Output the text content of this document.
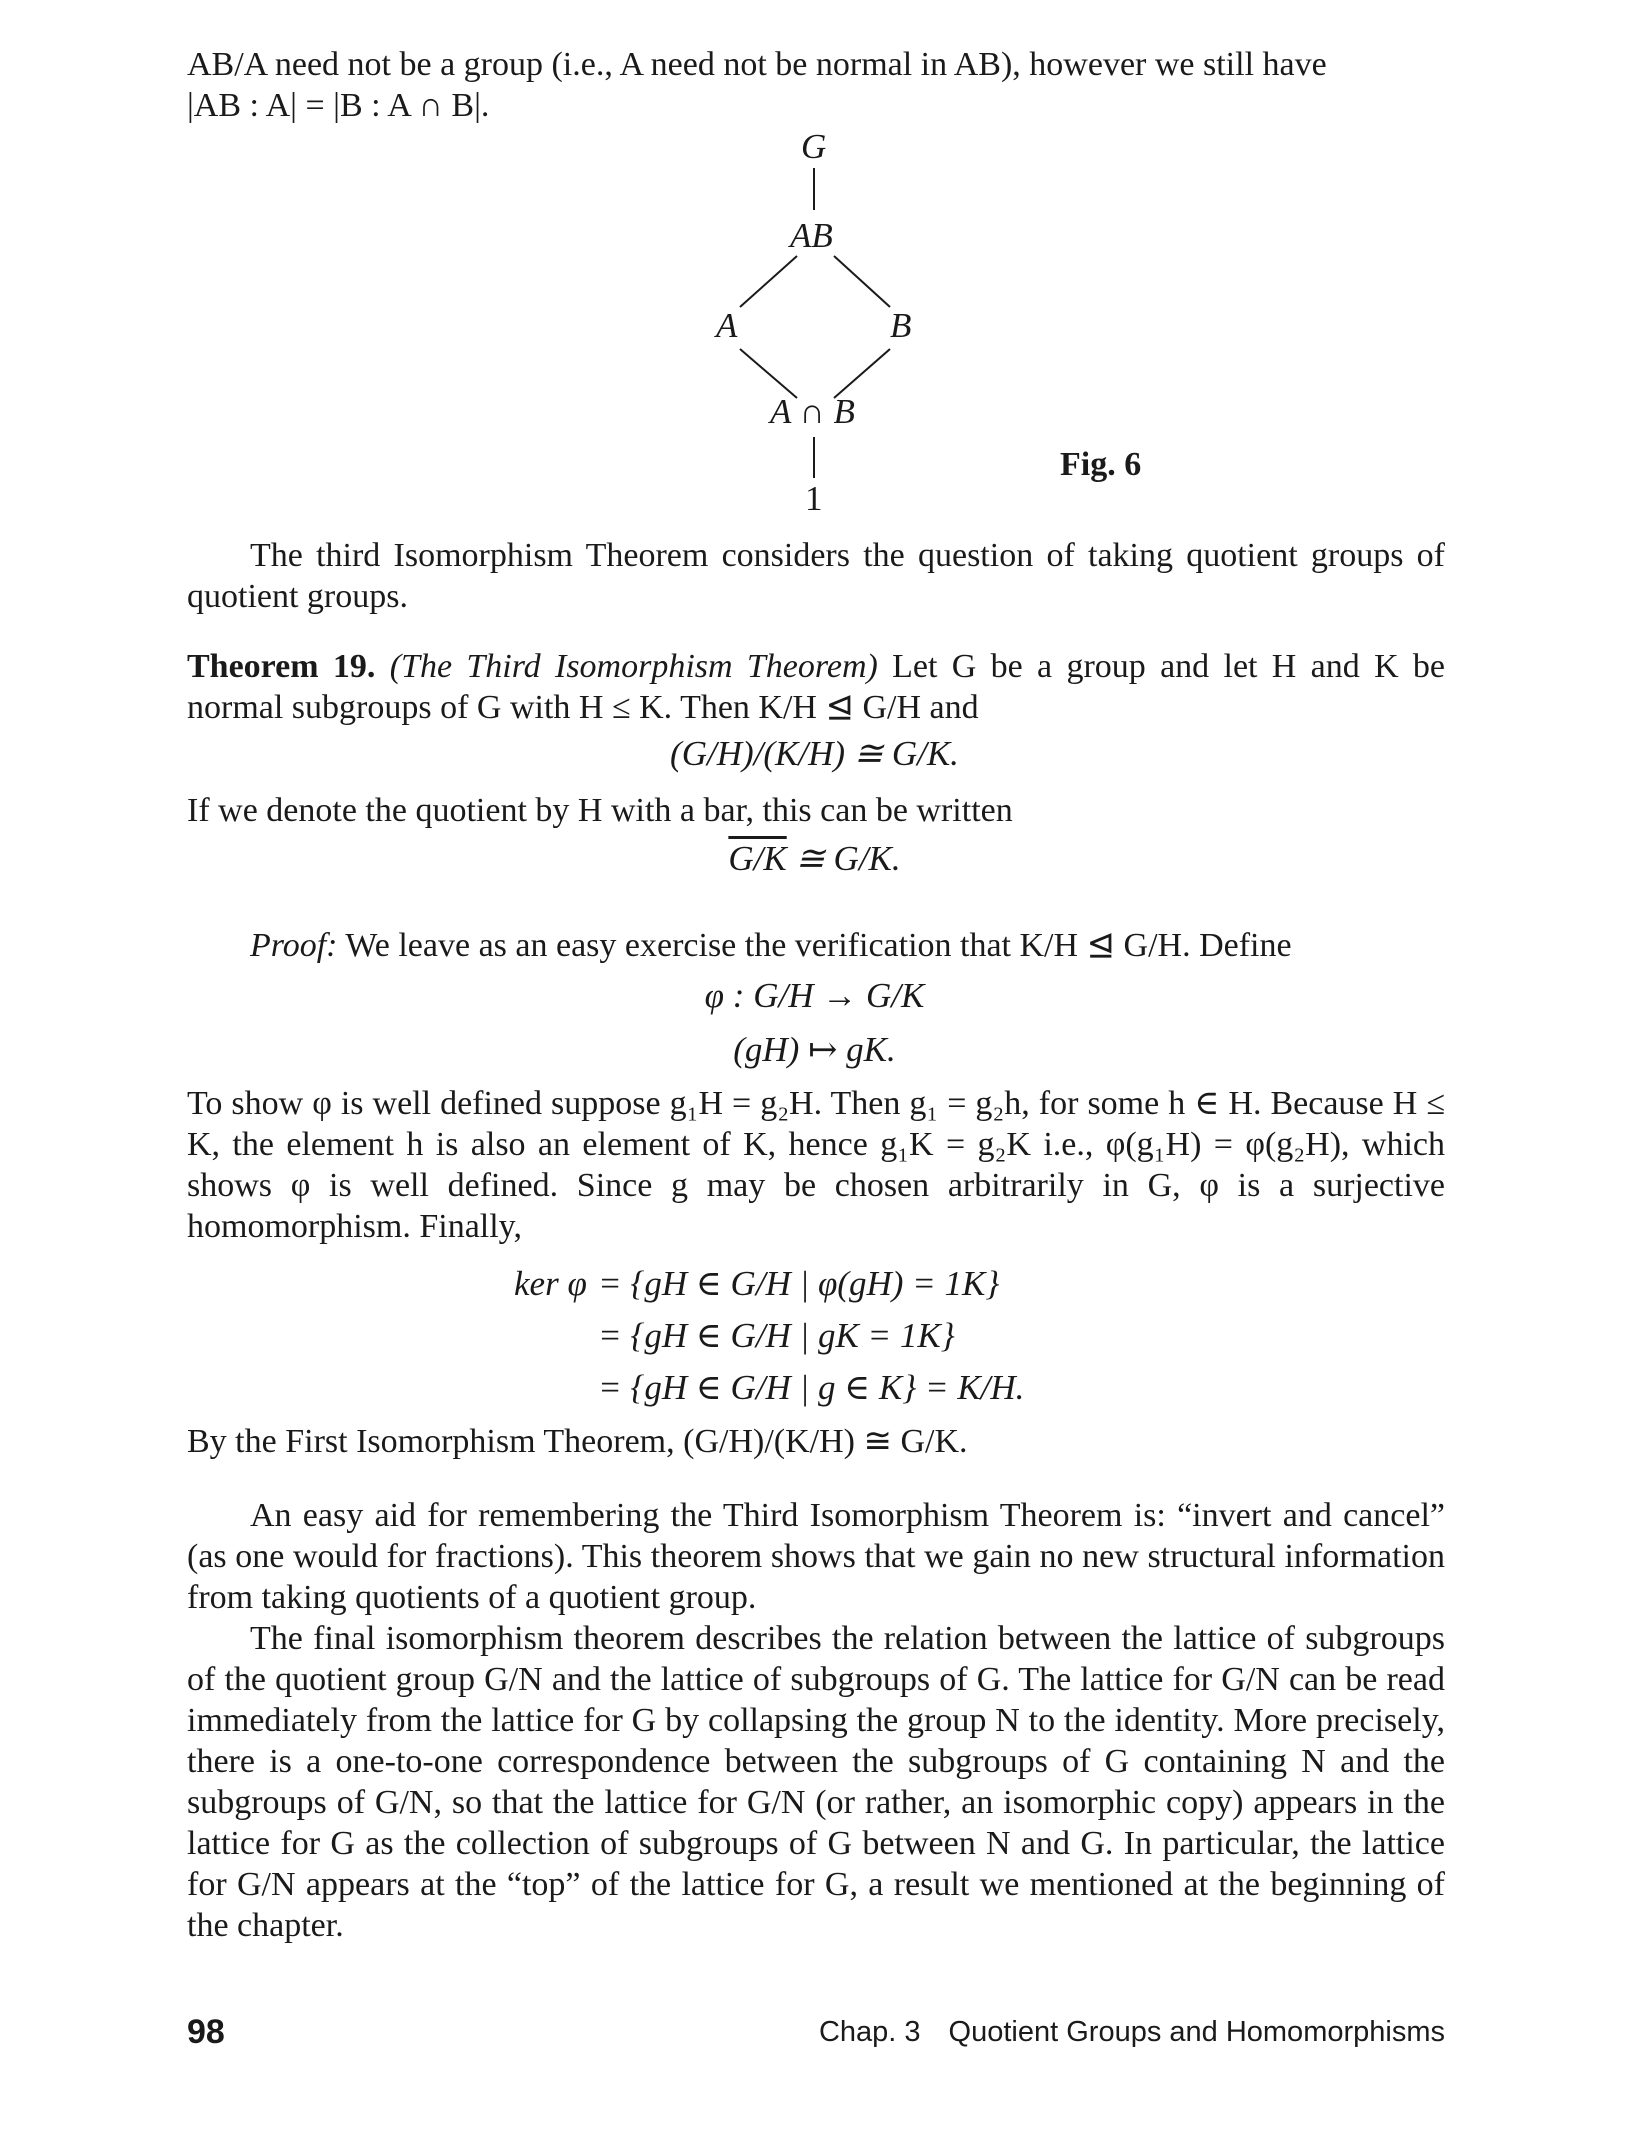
AB/A need not be a group (i.e., A need not be normal in AB), however we still have

|AB : A| = |B : A ∩ B|.

G
AB
A	B
A ∩ B
1
Fig. 6

The third Isomorphism Theorem considers the question of taking quotient groups of quotient groups.

Theorem 19. (The Third Isomorphism Theorem) Let G be a group and let H and K be normal subgroups of G with H ≤ K. Then K/H ⊴ G/H and

(G/H)/(K/H) ≅ G/K.

If we denote the quotient by H with a bar, this can be written

G/K ≅ G/K.

Proof: We leave as an easy exercise the verification that K/H ⊴ G/H. Define

φ : G/H → G/K

(gH) ↦ gK.

To show φ is well defined suppose g₁H = g₂H. Then g₁ = g₂h, for some h ∈ H. Because H ≤ K, the element h is also an element of K, hence g₁K = g₂K i.e., φ(g₁H) = φ(g₂H), which shows φ is well defined. Since g may be chosen arbitrarily in G, φ is a surjective homomorphism. Finally,

ker φ = {gH ∈ G/H | φ(gH) = 1K}
= {gH ∈ G/H | gK = 1K}
= {gH ∈ G/H | g ∈ K} = K/H.

By the First Isomorphism Theorem, (G/H)/(K/H) ≅ G/K.

An easy aid for remembering the Third Isomorphism Theorem is: “invert and cancel” (as one would for fractions). This theorem shows that we gain no new structural information from taking quotients of a quotient group.

The final isomorphism theorem describes the relation between the lattice of subgroups of the quotient group G/N and the lattice of subgroups of G. The lattice for G/N can be read immediately from the lattice for G by collapsing the group N to the identity. More precisely, there is a one-to-one correspondence between the subgroups of G containing N and the subgroups of G/N, so that the lattice for G/N (or rather, an isomorphic copy) appears in the lattice for G as the collection of subgroups of G between N and G. In particular, the lattice for G/N appears at the “top” of the lattice for G, a result we mentioned at the beginning of the chapter.

98	Chap. 3 Quotient Groups and Homomorphisms
